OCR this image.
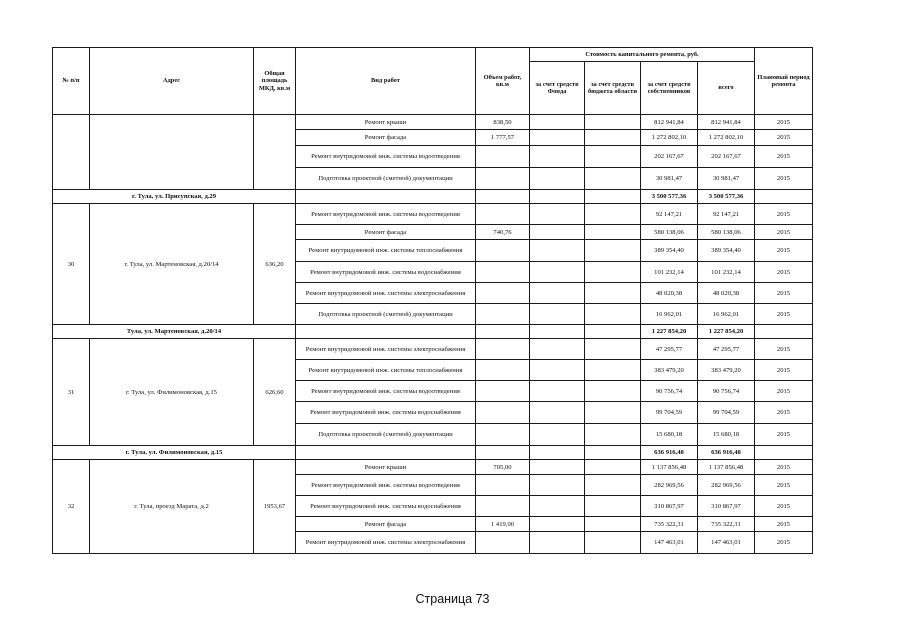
№ п/п	Адрес	Общая площадь МКД, кв.м	Вид работ	Объем работ, кв.м	Стоимость капитального ремонта, руб.				Плановый период ремонта
					за счет средств Фонда	за счет средств бюджета области	за счет средств собственников	всего	
			Ремонт крыши	838,50			812 941,84	812 941,84	2015
			Ремонт фасада	1 777,57			1 272 802,10	1 272 802,10	2015
			Ремонт внутридомовой инж. системы водоотведения				202 167,67	202 167,67	2015
			Подготовка проектной (сметной) документации				30 981,47	30 981,47	2015
г. Тула, ул. Присупская, д.29							3 500 577,36	3 500 577,36	
30	г. Тула, ул. Мартеновская, д.20/14	636,20	Ремонт внутридомовой инж. системы водоотведения				92 147,21	92 147,21	2015
			Ремонт фасада	740,76			580 138,06	580 138,06	2015
			Ремонт внутридомовой инж. системы теплоснабжения				389 354,40	389 354,40	2015
			Ремонт внутридомовой инж. системы водоснабжения				101 232,14	101 232,14	2015
			Ремонт внутридомовой инж. системы электроснабжения				48 020,38	48 020,38	2015
			Подготовка проектной (сметной) документации				16 962,01	16 962,01	2015
Тула, ул. Мартеновская, д.20/14							1 227 854,20	1 227 854,20	
31	г. Тула, ул. Филимоновская, д.15	626,60	Ремонт внутридомовой инж. системы электроснабжения				47 295,77	47 295,77	2015
			Ремонт внутридомовой инж. системы теплоснабжения				383 479,20	383 479,20	2015
			Ремонт внутридомовой инж. системы водоотведения				90 756,74	90 756,74	2015
			Ремонт внутридомовой инж. системы водоснабжения				99 704,59	99 704,59	2015
			Подготовка проектной (сметной) документации				15 680,18	15 680,18	2015
г. Тула, ул. Филимоновская, д.15							636 916,48	636 916,48	
32	г. Тула, проезд Марата, д.2	1953,67	Ремонт крыши	705,00			1 137 856,48	1 137 856,48	2015
			Ремонт внутридомовой инж. системы водоотведения				282 969,56	282 969,56	2015
			Ремонт внутридомовой инж. системы водоснабжения				310 867,97	310 867,97	2015
			Ремонт фасада	1 419,00			735 322,31	735 322,31	2015
			Ремонт внутридомовой инж. системы электроснабжения				147 463,01	147 463,01	2015
Страница 73
